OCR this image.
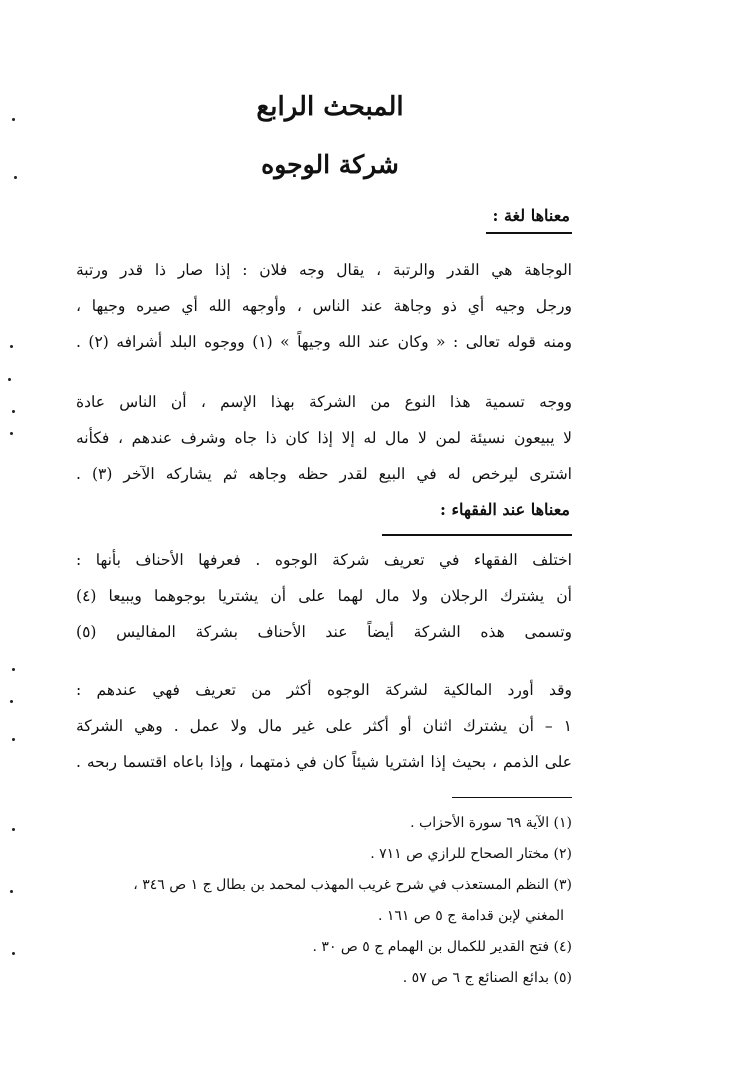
المبحث الرابع
شركة الوجوه
معناها لغة :
الوجاهة هي القدر والرتبة ، يقال وجه فلان : إذا صار ذا قدر ورتبة
ورجل وجيه أي ذو وجاهة عند الناس ، وأوجهه الله أي صيره وجيها ،
ومنه قوله تعالى : « وكان عند الله وجيهاً » (١) ووجوه البلد أشرافه (٢) .
ووجه تسمية هذا النوع من الشركة بهذا الإسم ، أن الناس عادة
لا يبيعون نسيئة لمن لا مال له إلا إذا كان ذا جاه وشرف عندهم ، فكأنه
اشترى ليرخص له في البيع لقدر حظه وجاهه ثم يشاركه الآخر (٣) .
معناها عند الفقهاء :
اختلف الفقهاء في تعريف شركة الوجوه . فعرفها الأحناف بأنها :
أن يشترك الرجلان ولا مال لهما على أن يشتريا بوجوهما ويبيعا (٤)
وتسمى هذه الشركة أيضاً عند الأحناف بشركة المفاليس (٥)
وقد أورد المالكية لشركة الوجوه أكثر من تعريف فهي عندهم :
١ – أن يشترك اثنان أو أكثر على غير مال ولا عمل . وهي الشركة
على الذمم ، بحيث إذا اشتريا شيئاً كان في ذمتهما ، وإذا باعاه اقتسما ربحه .
(١) الآية ٦٩ سورة الأحزاب .
(٢) مختار الصحاح للرازي ص ٧١١ .
(٣) النظم المستعذب في شرح غريب المهذب لمحمد بن بطال ج ١ ص ٣٤٦ ،
المغني لإبن قدامة ج ٥ ص ١٦١ .
(٤) فتح القدير للكمال بن الهمام ج ٥ ص ٣٠ .
(٥) بدائع الصنائع ج ٦ ص ٥٧ .
